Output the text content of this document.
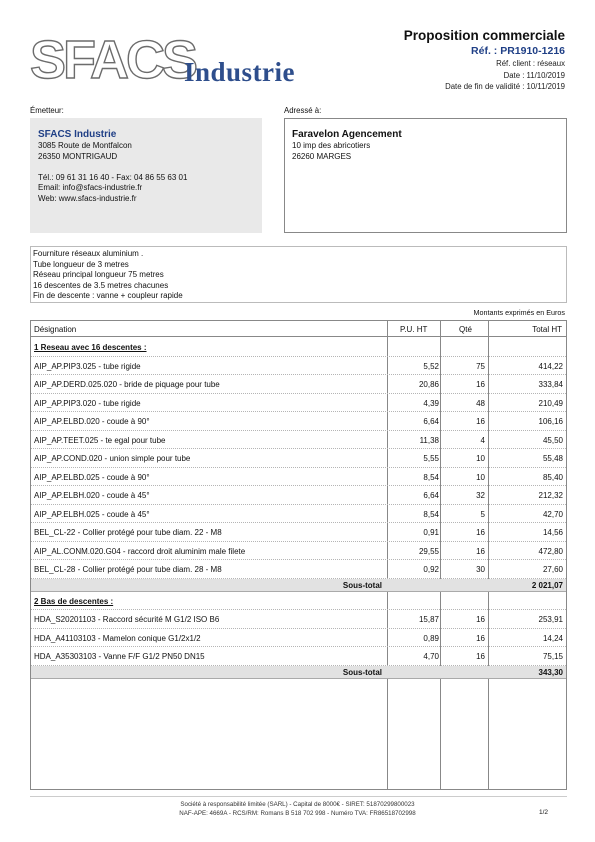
SFACS
Industrie
Proposition commerciale
Réf. : PR1910-1216
Réf. client : réseaux
Date : 11/10/2019
Date de fin de validité : 10/11/2019
Émetteur:	Adressé à:
SFACS Industrie
3085 Route de Montfalcon
26350 MONTRIGAUD
Tél.: 09 61 31 16 40 - Fax: 04 86 55 63 01
Email: info@sfacs-industrie.fr
Web: www.sfacs-industrie.fr
Faravelon Agencement
10 imp des abricotiers
26260 MARGES
Fourniture réseaux aluminium .
Tube longueur de 3 metres
Réseau principal longueur 75 metres
16 descentes de 3.5 metres chacunes
Fin de descente : vanne + coupleur rapide
Montants exprimés en Euros
Désignation	P.U. HT	Qté	Total HT
1 Reseau avec 16 descentes :
AIP_AP.PIP3.025 - tube rigide	5,52	75	414,22
AIP_AP.DERD.025.020 - bride de piquage pour tube	20,86	16	333,84
AIP_AP.PIP3.020 - tube rigide	4,39	48	210,49
AIP_AP.ELBD.020 - coude à 90°	6,64	16	106,16
AIP_AP.TEET.025 - te egal pour tube	11,38	4	45,50
AIP_AP.COND.020 - union simple pour tube	5,55	10	55,48
AIP_AP.ELBD.025 - coude à 90°	8,54	10	85,40
AIP_AP.ELBH.020 - coude à 45°	6,64	32	212,32
AIP_AP.ELBH.025 - coude à 45°	8,54	5	42,70
BEL_CL-22 - Collier protégé pour tube diam. 22 - M8	0,91	16	14,56
AIP_AL.CONM.020.G04 - raccord droit aluminim male filete	29,55	16	472,80
BEL_CL-28 - Collier protégé pour tube diam. 28 - M8	0,92	30	27,60
Sous-total	2 021,07
2 Bas de descentes :
HDA_S20201103 - Raccord sécurité M G1/2 ISO B6	15,87	16	253,91
HDA_A41103103 - Mamelon conique G1/2x1/2	0,89	16	14,24
HDA_A35303103 - Vanne F/F G1/2 PN50 DN15	4,70	16	75,15
Sous-total	343,30
Société à responsabilité limitée (SARL) - Capital de 8000€ - SIRET: 51870299800023
NAF-APE: 4669A - RCS/RM: Romans B 518 702 998 - Numéro TVA: FR86518702998	1/2
